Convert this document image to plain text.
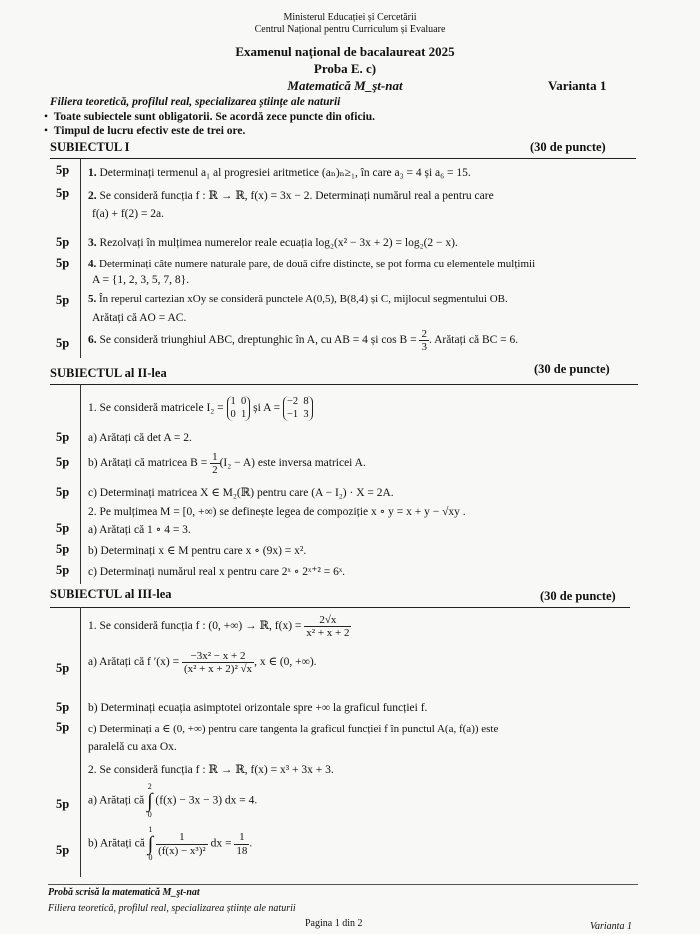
Ministerul Educației și Cercetării
Centrul Național pentru Curriculum și Evaluare
Examenul național de bacalaureat 2025
Proba E. c)
Matematică M_şt-nat	Varianta 1
Filiera teoretică, profilul real, specializarea științe ale naturii
•  Toate subiectele sunt obligatorii. Se acordă zece puncte din oficiu.
•  Timpul de lucru efectiv este de trei ore.
SUBIECTUL I	(30 de puncte)
5p 1. Determinați termenul a₁ al progresiei aritmetice (aₙ)ₙ≥₁, în care a₃ = 4 și a₆ = 15.
5p 2. Se consideră funcția f : ℝ → ℝ, f(x) = 3x − 2. Determinați numărul real a pentru care
f(a) + f(2) = 2a.
5p 3. Rezolvați în mulțimea numerelor reale ecuația log₂(x² − 3x + 2) = log₂(2 − x).
5p 4. Determinați câte numere naturale pare, de două cifre distincte, se pot forma cu elementele mulțimii
A = {1, 2, 3, 5, 7, 8}.
5p 5. În reperul cartezian xOy se consideră punctele A(0,5), B(8,4) și C, mijlocul segmentului OB.
Arătați că AO = AC.
5p 6. Se consideră triunghiul ABC, dreptunghic în A, cu AB = 4 și $\cos B = \frac{2}{3}$ . Arătați că BC = 6.
SUBIECTUL al II-lea	(30 de puncte)
1. Se consideră matricele I₂ = 1 0
0 1 și A = −2 8
−1 3
5p a) Arătați că det A = 2.
5p b) Arătați că matricea $B = \frac{1}{2} (I_2 - A)$ este inversa matricei A.
5p c) Determinați matricea X ∈ M₂(ℝ) pentru care (A − I₂) · X = 2A.
2. Pe mulțimea M = [0, +∞) se definește legea de compoziție x ∘ y = x + y − √xy .
5p a) Arătați că 1 ∘ 4 = 3.
5p b) Determinați x ∈ M pentru care x ∘ (9x) = x².
5p c) Determinați numărul real x pentru care 2ˣ ∘ 2ˣ⁺² = 6ˣ.
SUBIECTUL al III-lea	(30 de puncte)
1. Se consideră funcția f : (0, +∞) → ℝ, $f(x) = \frac{2√x}{\text{x² + x + 2}}$
5p a) Arătați că f $'(x) = \frac{\text{−3x² − x + 2}}{\text{(x² + x + 2)² √x}}$ , x ∈ (0, +∞).
5p b) Determinați ecuația asimptotei orizontale spre +∞ la graficul funcției f.
5p c) Determinați a ∈ (0, +∞) pentru care tangenta la graficul funcției f în punctul A(a, f(a)) este
paralelă cu axa Ox.
2. Se consideră funcția f : ℝ → ℝ, f(x) = x³ + 3x + 3.
5p a) Arătați că
2
∫
0
(f(x) − 3x − 3) dx = 4.
5p b) Arătați că
1
∫
0

$\frac{1}{\text{(f(x) − x³)²}}$ dx = $\frac{1}{18}$ .
Probă scrisă la matematică M_şt-nat
Filiera teoretică, profilul real, specializarea științe ale naturii
Pagina 1 din 2	Varianta 1
